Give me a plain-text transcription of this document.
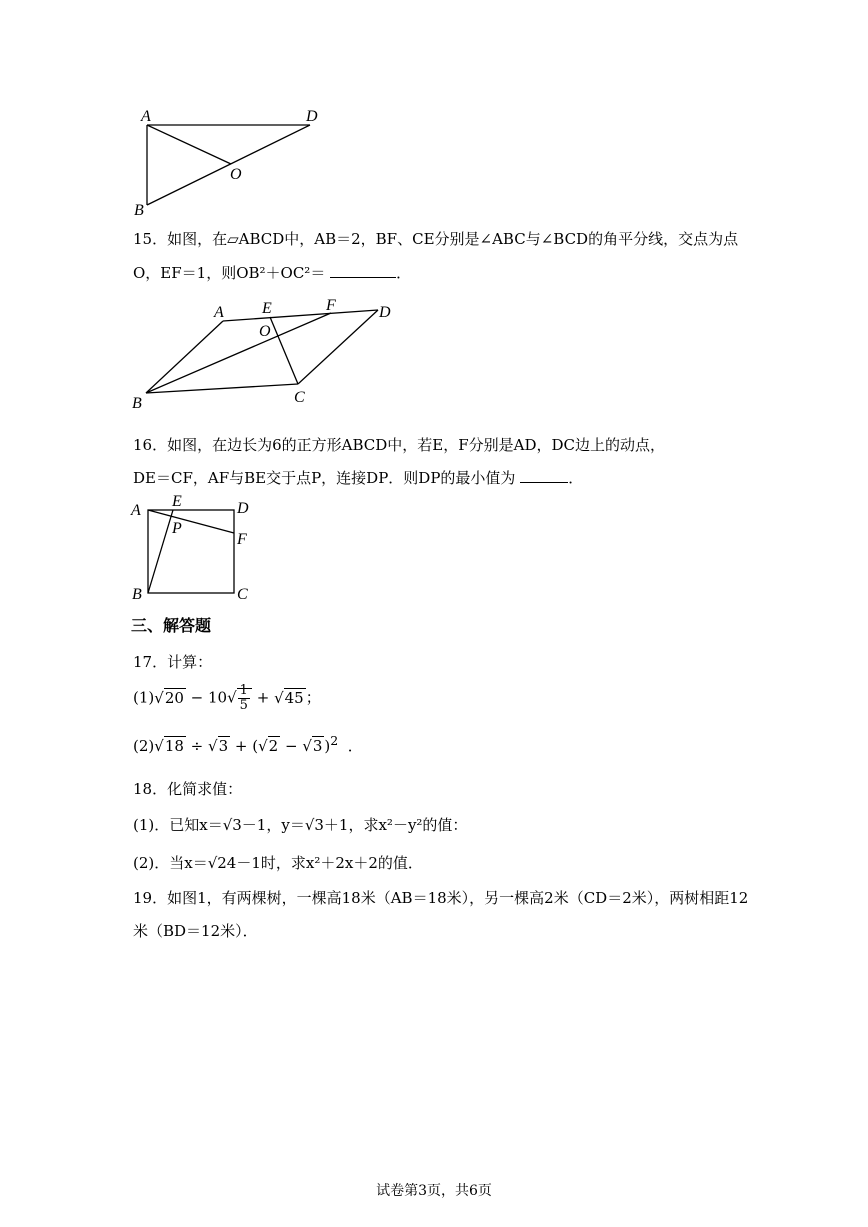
A	D
O
B
15．如图，在▱ABCD中，AB＝2，BF、CE分别是∠ABC与∠BCD的角平分线，交点为点
O，EF＝1，则OB²＋OC²＝	．
A E	F	D
O
B	C
16．如图，在边长为6的正方形ABCD中，若E，F分别是AD，DC边上的动点，
DE＝CF，AF与BE交于点P，连接DP．则DP的最小值为	．
A
E	D
P
F
B	C
三、解答题
17．计算：
$(1)√20 - 10√ \frac{1}{5} + √45$ ；
(2)√18 ÷ √3 + (√2 − √3 )$^2$ ．
18．化简求值：
(1)．已知x＝√3－1，y＝√3＋1，求x²－y²的值：
(2)．当x＝√24－1时，求x²＋2x＋2的值．
19．如图1，有两棵树，一棵高18米（AB＝18米），另一棵高2米（CD＝2米），两树相距12
米（BD＝12米）．
试卷第3页，共6页
